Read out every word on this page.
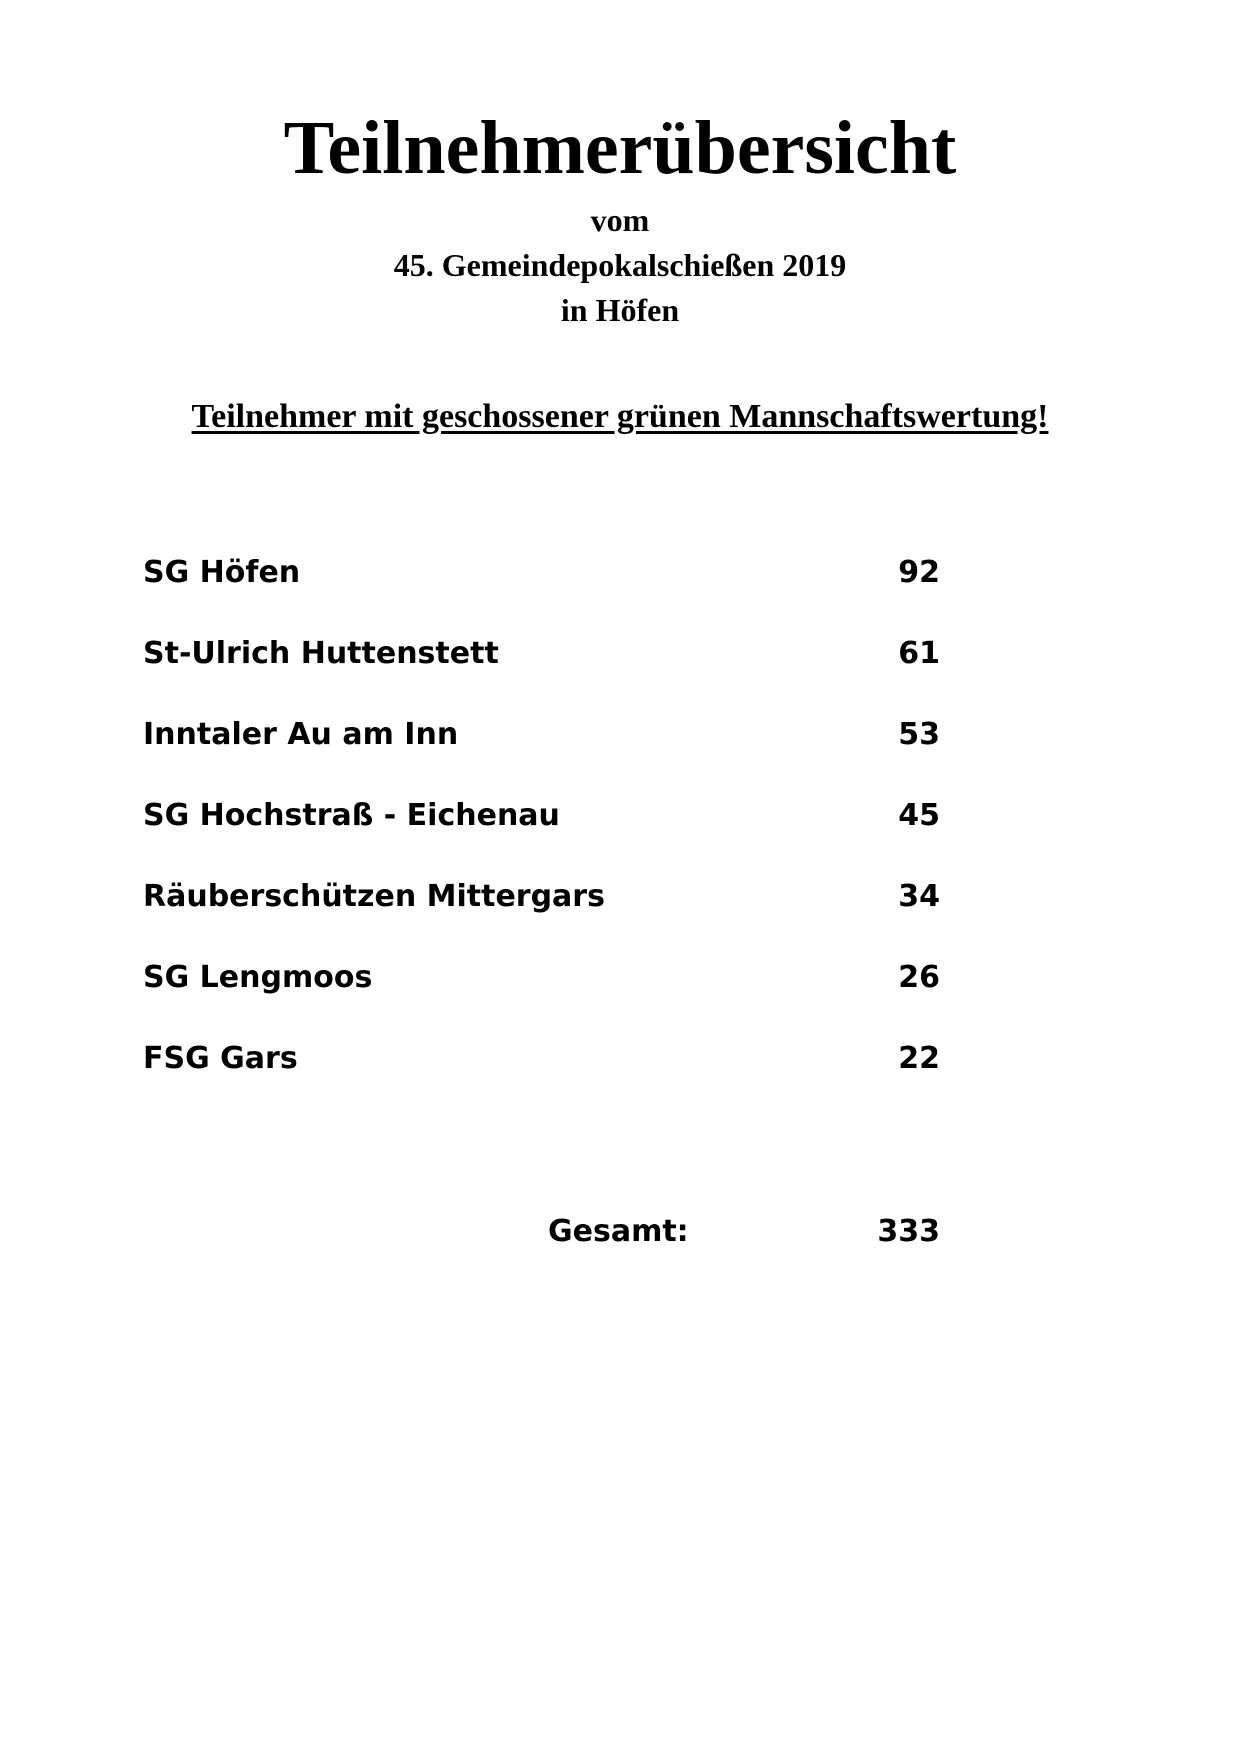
Teilnehmerübersicht
vom
45. Gemeindepokalschießen 2019
in Höfen
Teilnehmer mit geschossener grünen Mannschaftswertung!
SG Höfen	92
St-Ulrich Huttenstett	61
Inntaler Au am Inn	53
SG Hochstraß - Eichenau	45
Räuberschützen Mittergars	34
SG Lengmoos	26
FSG Gars	22
Gesamt:	333
